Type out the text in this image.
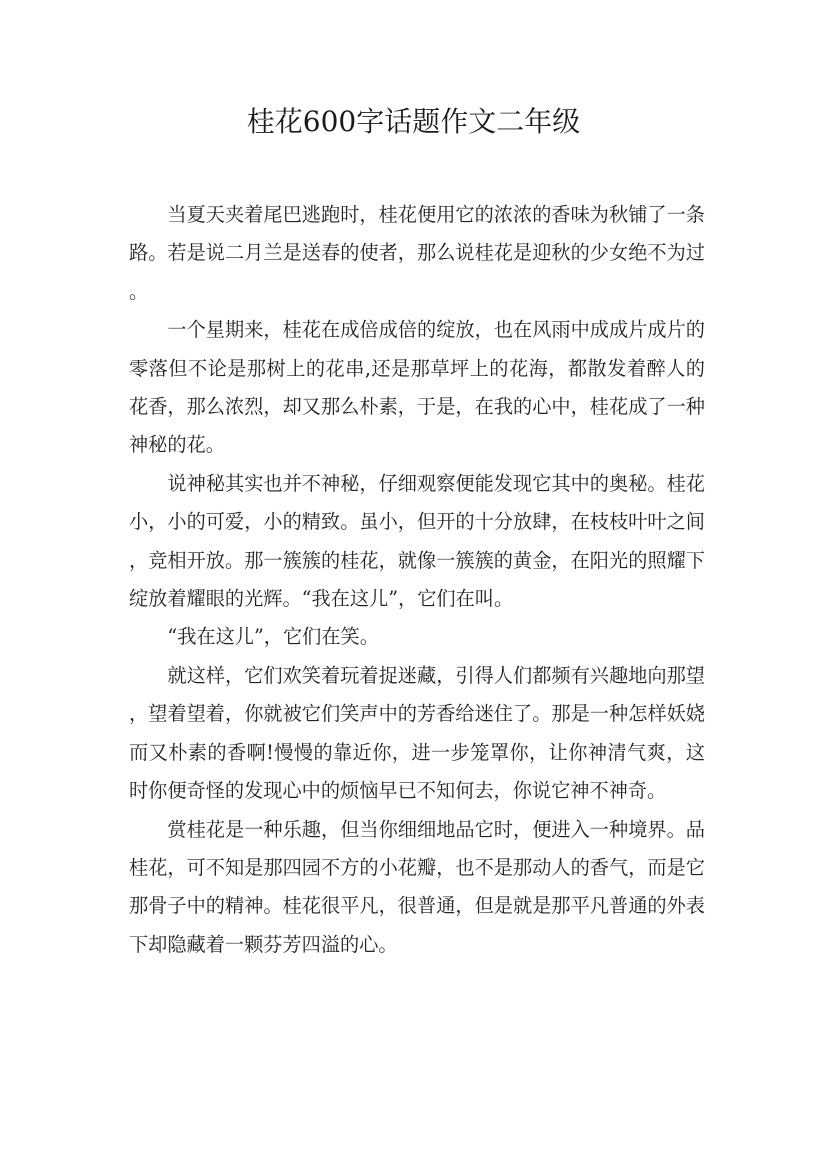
桂花600字话题作文二年级

当夏天夹着尾巴逃跑时，桂花便用它的浓浓的香味为秋铺了一条路。若是说二月兰是送春的使者，那么说桂花是迎秋的少女绝不为过。

一个星期来，桂花在成倍成倍的绽放，也在风雨中成成片成片的零落但不论是那树上的花串,还是那草坪上的花海，都散发着醉人的花香，那么浓烈，却又那么朴素，于是，在我的心中，桂花成了一种神秘的花。

说神秘其实也并不神秘，仔细观察便能发现它其中的奥秘。桂花小，小的可爱，小的精致。虽小，但开的十分放肆，在枝枝叶叶之间，竞相开放。那一簇簇的桂花，就像一簇簇的黄金，在阳光的照耀下绽放着耀眼的光辉。“我在这儿”，它们在叫。

“我在这儿”，它们在笑。

就这样，它们欢笑着玩着捉迷藏，引得人们都频有兴趣地向那望，望着望着，你就被它们笑声中的芳香给迷住了。那是一种怎样妖娆而又朴素的香啊!慢慢的靠近你，进一步笼罩你，让你神清气爽，这时你便奇怪的发现心中的烦恼早已不知何去，你说它神不神奇。

赏桂花是一种乐趣，但当你细细地品它时，便进入一种境界。品桂花，可不知是那四园不方的小花瓣，也不是那动人的香气，而是它那骨子中的精神。桂花很平凡，很普通，但是就是那平凡普通的外表下却隐藏着一颗芬芳四溢的心。
